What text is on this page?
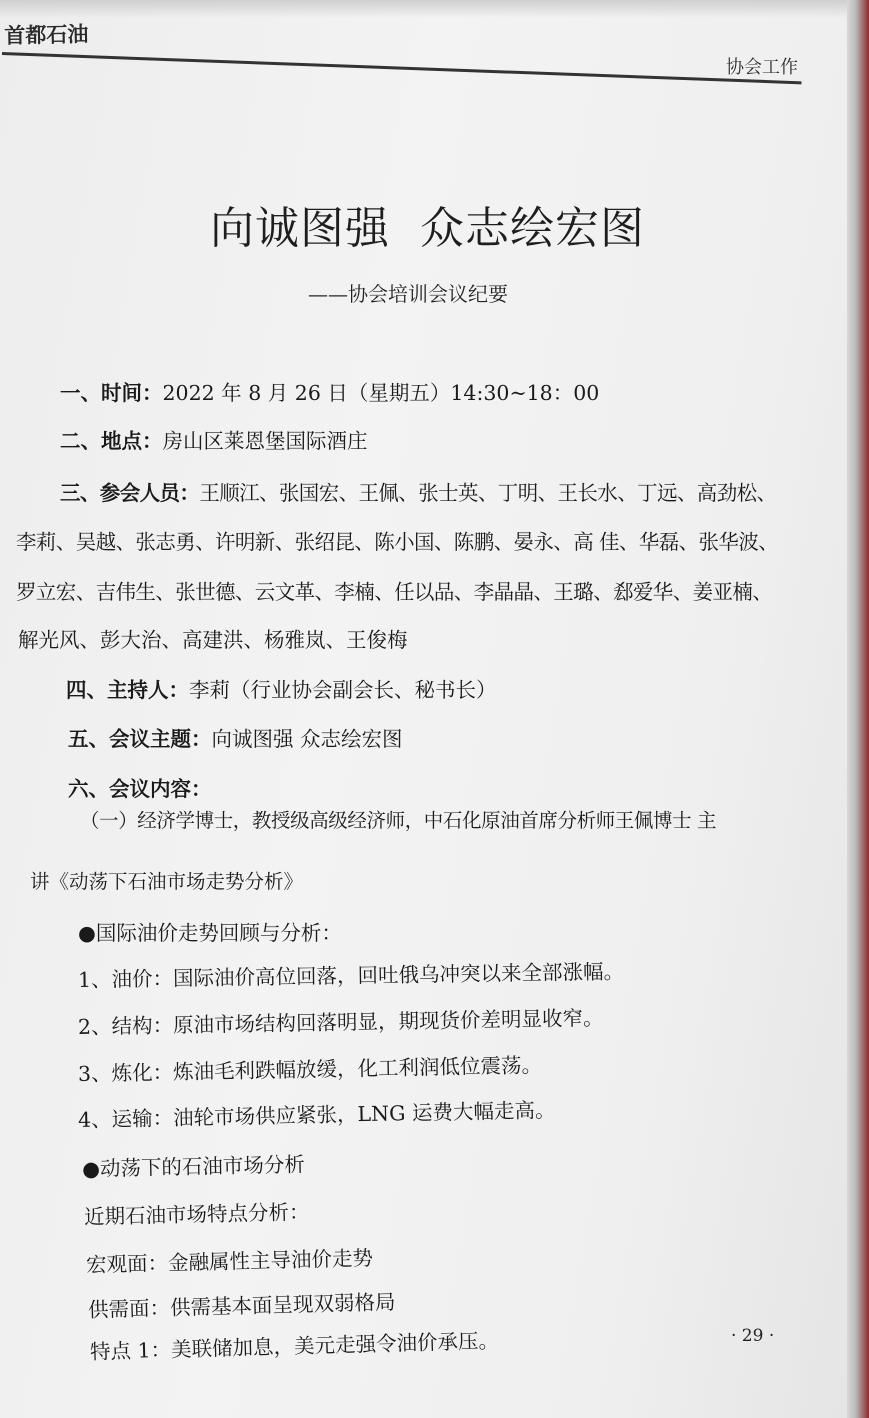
首都石油
协会工作
向诚图强  众志绘宏图
——协会培训会议纪要
一、时间：2022 年 8 月 26 日（星期五）14:30~18：00
二、地点：房山区莱恩堡国际酒庄
三、参会人员：王顺江、张国宏、王佩、张士英、丁明、王长水、丁远、高劲松、
李莉、吴越、张志勇、许明新、张绍昆、陈小国、陈鹏、晏永、高 佳、华磊、张华波、
罗立宏、吉伟生、张世德、云文革、李楠、任以品、李晶晶、王璐、郄爱华、姜亚楠、
解光风、彭大治、高建洪、杨雅岚、王俊梅
四、主持人：李莉（行业协会副会长、秘书长）
五、会议主题：向诚图强 众志绘宏图
六、会议内容：
（一）经济学博士，教授级高级经济师，中石化原油首席分析师王佩博士 主
讲《动荡下石油市场走势分析》
●国际油价走势回顾与分析：
1、油价：国际油价高位回落，回吐俄乌冲突以来全部涨幅。
2、结构：原油市场结构回落明显，期现货价差明显收窄。
3、炼化：炼油毛利跌幅放缓，化工利润低位震荡。
4、运输：油轮市场供应紧张，LNG 运费大幅走高。
●动荡下的石油市场分析
近期石油市场特点分析：
宏观面：金融属性主导油价走势
供需面：供需基本面呈现双弱格局
特点 1：美联储加息，美元走强令油价承压。	· 29 ·
